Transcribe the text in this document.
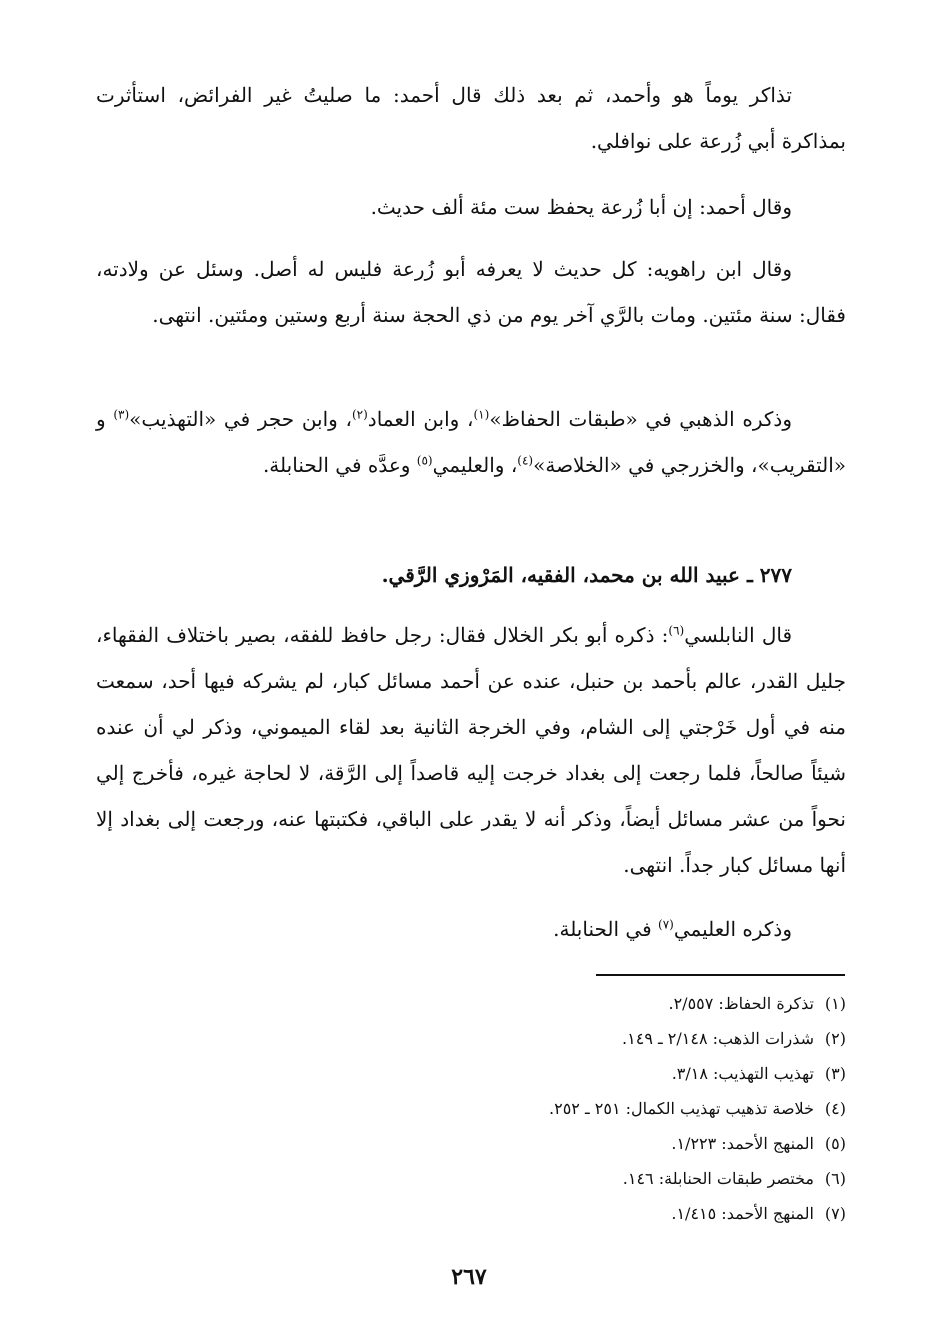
تذاكر يوماً هو وأحمد، ثم بعد ذلك قال أحمد: ما صليتُ غير الفرائض، استأثرت بمذاكرة أبي زُرعة على نوافلي.

وقال أحمد: إن أبا زُرعة يحفظ ست مئة ألف حديث.

وقال ابن راهويه: كل حديث لا يعرفه أبو زُرعة فليس له أصل. وسئل عن ولادته، فقال: سنة مئتين. ومات بالرَّي آخر يوم من ذي الحجة سنة أربع وستين ومئتين. انتهى.

وذكره الذهبي في «طبقات الحفاظ»$^{(١)}$، وابن العماد$^{(٢)}$، وابن حجر في «التهذيب»$^{(٣)}$ و «التقريب»، والخزرجي في «الخلاصة»$^{(٤)}$، والعليمي$^{(٥)}$ وعدَّه في الحنابلة.

٢٧٧ ـ عبيد الله بن محمد، الفقيه، المَرْوزي الرَّقي.

قال النابلسي$^{(٦)}$: ذكره أبو بكر الخلال فقال: رجل حافظ للفقه، بصير باختلاف الفقهاء، جليل القدر، عالم بأحمد بن حنبل، عنده عن أحمد مسائل كبار، لم يشركه فيها أحد، سمعت منه في أول خَرْجتي إلى الشام، وفي الخرجة الثانية بعد لقاء الميموني، وذكر لي أن عنده شيئاً صالحاً، فلما رجعت إلى بغداد خرجت إليه قاصداً إلى الرَّقة، لا لحاجة غيره، فأخرج إلي نحواً من عشر مسائل أيضاً، وذكر أنه لا يقدر على الباقي، فكتبتها عنه، ورجعت إلى بغداد إلا أنها مسائل كبار جداً. انتهى.

وذكره العليمي$^{(٧)}$ في الحنابلة.

(١)تذكرة الحفاظ: ٢/٥٥٧.
(٢)شذرات الذهب: ٢/١٤٨ ـ ١٤٩.
(٣)تهذيب التهذيب: ٣/١٨.
(٤)خلاصة تذهيب تهذيب الكمال: ٢٥١ ـ ٢٥٢.
(٥)المنهج الأحمد: ١/٢٢٣.
(٦)مختصر طبقات الحنابلة: ١٤٦.
(٧)المنهج الأحمد: ١/٤١٥.
٢٦٧
